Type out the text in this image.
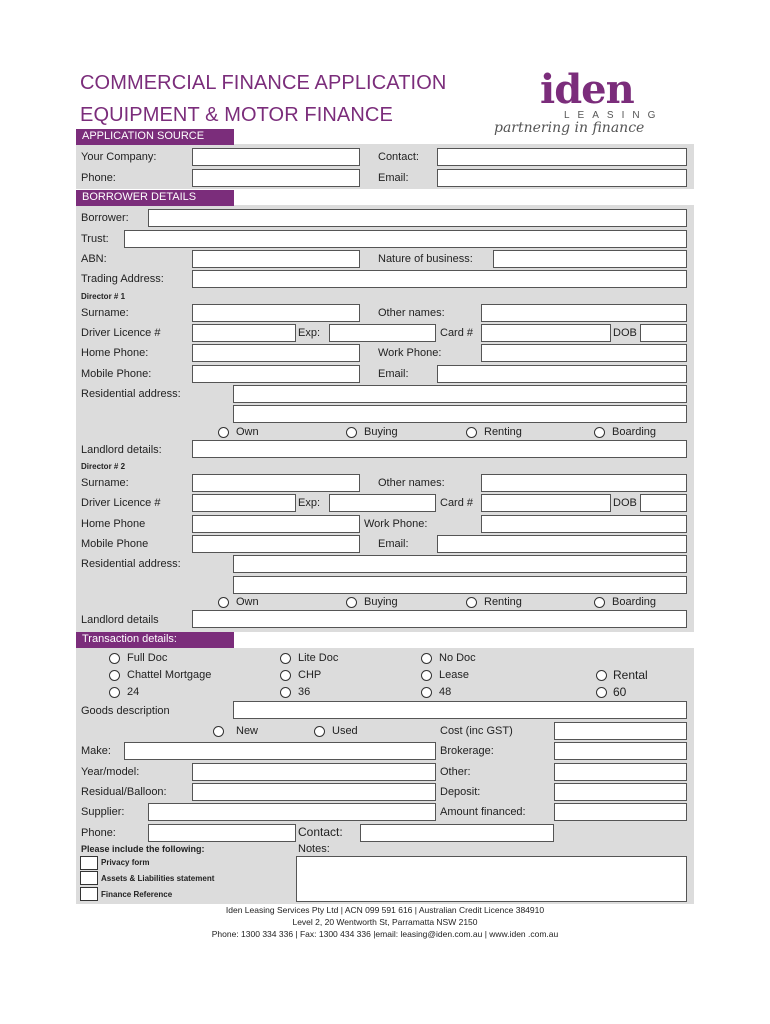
COMMERCIAL FINANCE APPLICATION
EQUIPMENT & MOTOR FINANCE
iden
LEASING
partnering in finance
APPLICATION SOURCE
Your Company:	Contact:
Phone:	Email:
BORROWER DETAILS
Borrower:
Trust:
ABN:	Nature of business:
Trading Address:
Director # 1
Surname:	Other names:
Driver Licence #	Exp:	Card #	DOB
Home Phone:	Work Phone:
Mobile Phone:	Email:
Residential address:
Own	Buying	Renting	Boarding
Landlord details:
Director # 2
Surname:	Other names:
Driver Licence #	Exp:	Card #	DOB
Home Phone	Work Phone:
Mobile Phone	Email:
Residential address:
Own	Buying	Renting	Boarding
Landlord details
Transaction details:
Full Doc	Lite Doc	No Doc
Chattel Mortgage	CHP	Lease	Rental
24	36	48	60
Goods description
New	Used	Cost (inc GST)
Make:	Brokerage:
Year/model:	Other:
Residual/Balloon:	Deposit:
Supplier:	Amount financed:
Phone:	Contact:
Please include the following:	Notes:
Privacy form
Assets & Liabilities statement
Finance Reference
Iden Leasing Services Pty Ltd | ACN 099 591 616 | Australian Credit Licence 384910
Level 2, 20 Wentworth St, Parramatta NSW 2150
Phone: 1300 334 336 | Fax: 1300 434 336 |email: leasing@iden.com.au | www.iden .com.au
